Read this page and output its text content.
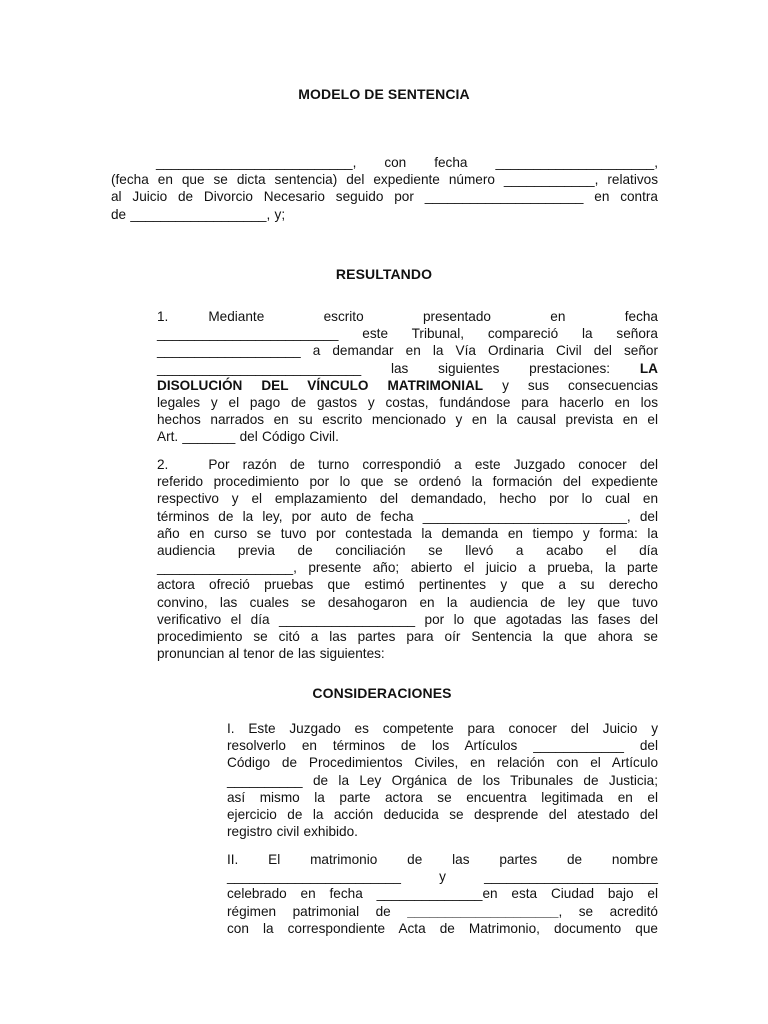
MODELO DE SENTENCIA
__________________________, con fecha _____________________,
(fecha en que se dicta sentencia) del expediente número ____________, relativos
al Juicio de Divorcio Necesario seguido por _____________________ en contra
de __________________, y;
RESULTANDO
1.	Mediante escrito presentado en fecha
________________________ este Tribunal, compareció la señora
___________________ a demandar en la Vía Ordinaria Civil del señor
___________________________ las siguientes prestaciones: LA
DISOLUCIÓN DEL VÍNCULO MATRIMONIAL y sus consecuencias
legales y el pago de gastos y costas, fundándose para hacerlo en los
hechos narrados en su escrito mencionado y en la causal prevista en el
Art. _______ del Código Civil.
2.	Por razón de turno correspondió a este Juzgado conocer del
referido procedimiento por lo que se ordenó la formación del expediente
respectivo y el emplazamiento del demandado, hecho por lo cual en
términos de la ley, por auto de fecha ___________________________, del
año en curso se tuvo por contestada la demanda en tiempo y forma: la
audiencia previa de conciliación se llevó a acabo el día
__________________, presente año; abierto el juicio a prueba, la parte
actora ofreció pruebas que estimó pertinentes y que a su derecho
convino, las cuales se desahogaron en la audiencia de ley que tuvo
verificativo el día __________________ por lo que agotadas las fases del
procedimiento se citó a las partes para oír Sentencia la que ahora se
pronuncian al tenor de las siguientes:
CONSIDERACIONES
I. Este Juzgado es competente para conocer del Juicio y
resolverlo en términos de los Artículos ____________ del
Código de Procedimientos Civiles, en relación con el Artículo
__________ de la Ley Orgánica de los Tribunales de Justicia;
así mismo la parte actora se encuentra legitimada en el
ejercicio de la acción deducida se desprende del atestado del
registro civil exhibido.
II. El matrimonio de las partes de nombre
_______________________ y _______________________
celebrado en fecha ______________en esta Ciudad bajo el
régimen patrimonial de ____________________, se acreditó
con la correspondiente Acta de Matrimonio, documento que
